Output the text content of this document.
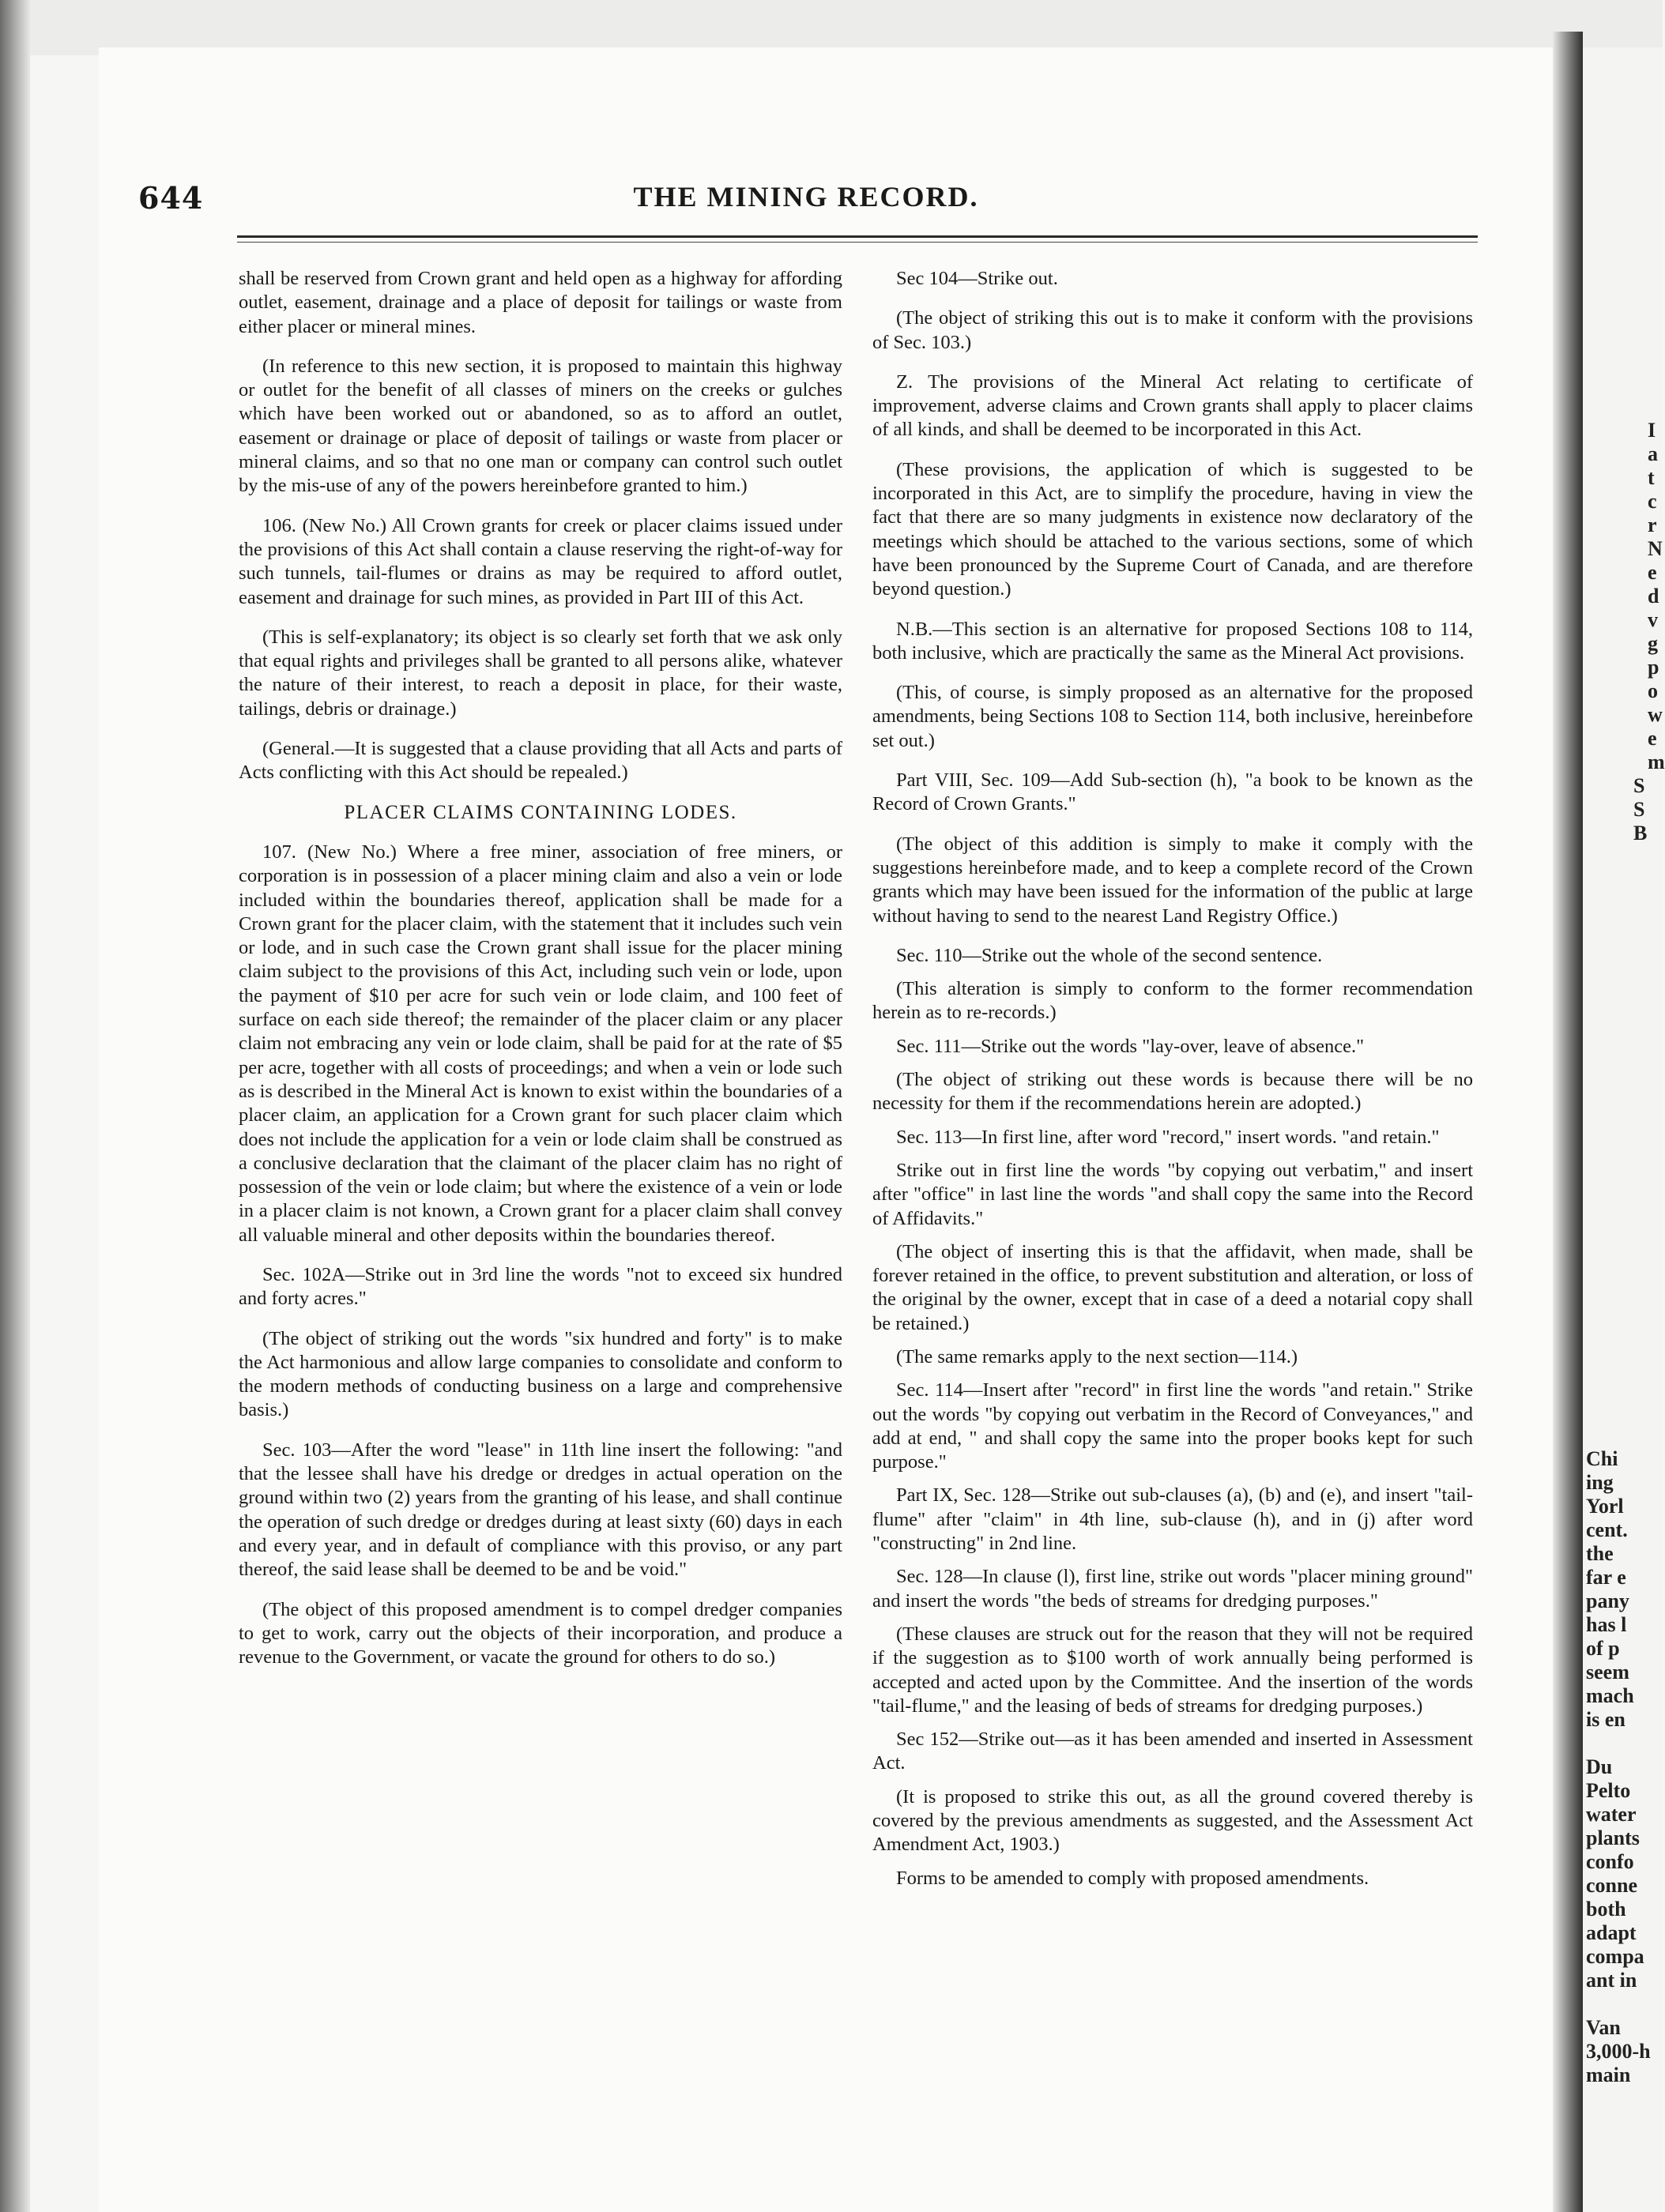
I
a
t
c
r
N
e
d
v
g
p
o
w
e
m
S
S
B
Chi
ing
Yorl
cent.
the
far e
pany
has l
of p
seem
mach
is en
Du
Pelto
water
plants
confo
conne
both
adapt
compa
ant in
Van
3,000-h
main
644	THE MINING RECORD.

shall be reserved from Crown grant and held open as a highway for affording outlet, easement, drainage and a place of deposit for tailings or waste from either placer or mineral mines.

(In reference to this new section, it is proposed to maintain this highway or outlet for the benefit of all classes of miners on the creeks or gulches which have been worked out or abandoned, so as to afford an outlet, easement or drainage or place of deposit of tailings or waste from placer or mineral claims, and so that no one man or company can control such outlet by the mis-use of any of the powers hereinbefore granted to him.)

106. (New No.) All Crown grants for creek or placer claims issued under the provisions of this Act shall contain a clause reserving the right-of-way for such tunnels, tail-flumes or drains as may be required to afford outlet, easement and drainage for such mines, as provided in Part III of this Act.

(This is self-explanatory; its object is so clearly set forth that we ask only that equal rights and privileges shall be granted to all persons alike, whatever the nature of their interest, to reach a deposit in place, for their waste, tailings, debris or drainage.)

(General.—It is suggested that a clause providing that all Acts and parts of Acts conflicting with this Act should be repealed.)

PLACER CLAIMS CONTAINING LODES.

107. (New No.) Where a free miner, association of free miners, or corporation is in possession of a placer mining claim and also a vein or lode included within the boundaries thereof, application shall be made for a Crown grant for the placer claim, with the statement that it includes such vein or lode, and in such case the Crown grant shall issue for the placer mining claim subject to the provisions of this Act, including such vein or lode, upon the payment of $10 per acre for such vein or lode claim, and 100 feet of surface on each side thereof; the remainder of the placer claim or any placer claim not embracing any vein or lode claim, shall be paid for at the rate of $5 per acre, together with all costs of proceedings; and when a vein or lode such as is described in the Mineral Act is known to exist within the boundaries of a placer claim, an application for a Crown grant for such placer claim which does not include the application for a vein or lode claim shall be construed as a conclusive declaration that the claimant of the placer claim has no right of possession of the vein or lode claim; but where the existence of a vein or lode in a placer claim is not known, a Crown grant for a placer claim shall convey all valuable mineral and other deposits within the boundaries thereof.

Sec. 102A—Strike out in 3rd line the words "not to exceed six hundred and forty acres."

(The object of striking out the words "six hundred and forty" is to make the Act harmonious and allow large companies to consolidate and conform to the modern methods of conducting business on a large and comprehensive basis.)

Sec. 103—After the word "lease" in 11th line insert the following: "and that the lessee shall have his dredge or dredges in actual operation on the ground within two (2) years from the granting of his lease, and shall continue the operation of such dredge or dredges during at least sixty (60) days in each and every year, and in default of compliance with this proviso, or any part thereof, the said lease shall be deemed to be and be void."

(The object of this proposed amendment is to compel dredger companies to get to work, carry out the objects of their incorporation, and produce a revenue to the Government, or vacate the ground for others to do so.)

Sec 104—Strike out.

(The object of striking this out is to make it conform with the provisions of Sec. 103.)

Z. The provisions of the Mineral Act relating to certificate of improvement, adverse claims and Crown grants shall apply to placer claims of all kinds, and shall be deemed to be incorporated in this Act.

(These provisions, the application of which is suggested to be incorporated in this Act, are to simplify the procedure, having in view the fact that there are so many judgments in existence now declaratory of the meetings which should be attached to the various sections, some of which have been pronounced by the Supreme Court of Canada, and are therefore beyond question.)

N.B.—This section is an alternative for proposed Sections 108 to 114, both inclusive, which are practically the same as the Mineral Act provisions.

(This, of course, is simply proposed as an alternative for the proposed amendments, being Sections 108 to Section 114, both inclusive, hereinbefore set out.)

Part VIII, Sec. 109—Add Sub-section (h), "a book to be known as the Record of Crown Grants."

(The object of this addition is simply to make it comply with the suggestions hereinbefore made, and to keep a complete record of the Crown grants which may have been issued for the information of the public at large without having to send to the nearest Land Registry Office.)

Sec. 110—Strike out the whole of the second sentence.

(This alteration is simply to conform to the former recommendation herein as to re-records.)

Sec. 111—Strike out the words "lay-over, leave of absence."

(The object of striking out these words is because there will be no necessity for them if the recommendations herein are adopted.)

Sec. 113—In first line, after word "record," insert words. "and retain."

Strike out in first line the words "by copying out verbatim," and insert after "office" in last line the words "and shall copy the same into the Record of Affidavits."

(The object of inserting this is that the affidavit, when made, shall be forever retained in the office, to prevent substitution and alteration, or loss of the original by the owner, except that in case of a deed a notarial copy shall be retained.)

(The same remarks apply to the next section—114.)

Sec. 114—Insert after "record" in first line the words "and retain." Strike out the words "by copying out verbatim in the Record of Conveyances," and add at end, " and shall copy the same into the proper books kept for such purpose."

Part IX, Sec. 128—Strike out sub-clauses (a), (b) and (e), and insert "tail-flume" after "claim" in 4th line, sub-clause (h), and in (j) after word "constructing" in 2nd line.

Sec. 128—In clause (l), first line, strike out words "placer mining ground" and insert the words "the beds of streams for dredging purposes."

(These clauses are struck out for the reason that they will not be required if the suggestion as to $100 worth of work annually being performed is accepted and acted upon by the Committee. And the insertion of the words "tail-flume," and the leasing of beds of streams for dredging purposes.)

Sec 152—Strike out—as it has been amended and inserted in Assessment Act.

(It is proposed to strike this out, as all the ground covered thereby is covered by the previous amendments as suggested, and the Assessment Act Amendment Act, 1903.)

Forms to be amended to comply with proposed amendments.
